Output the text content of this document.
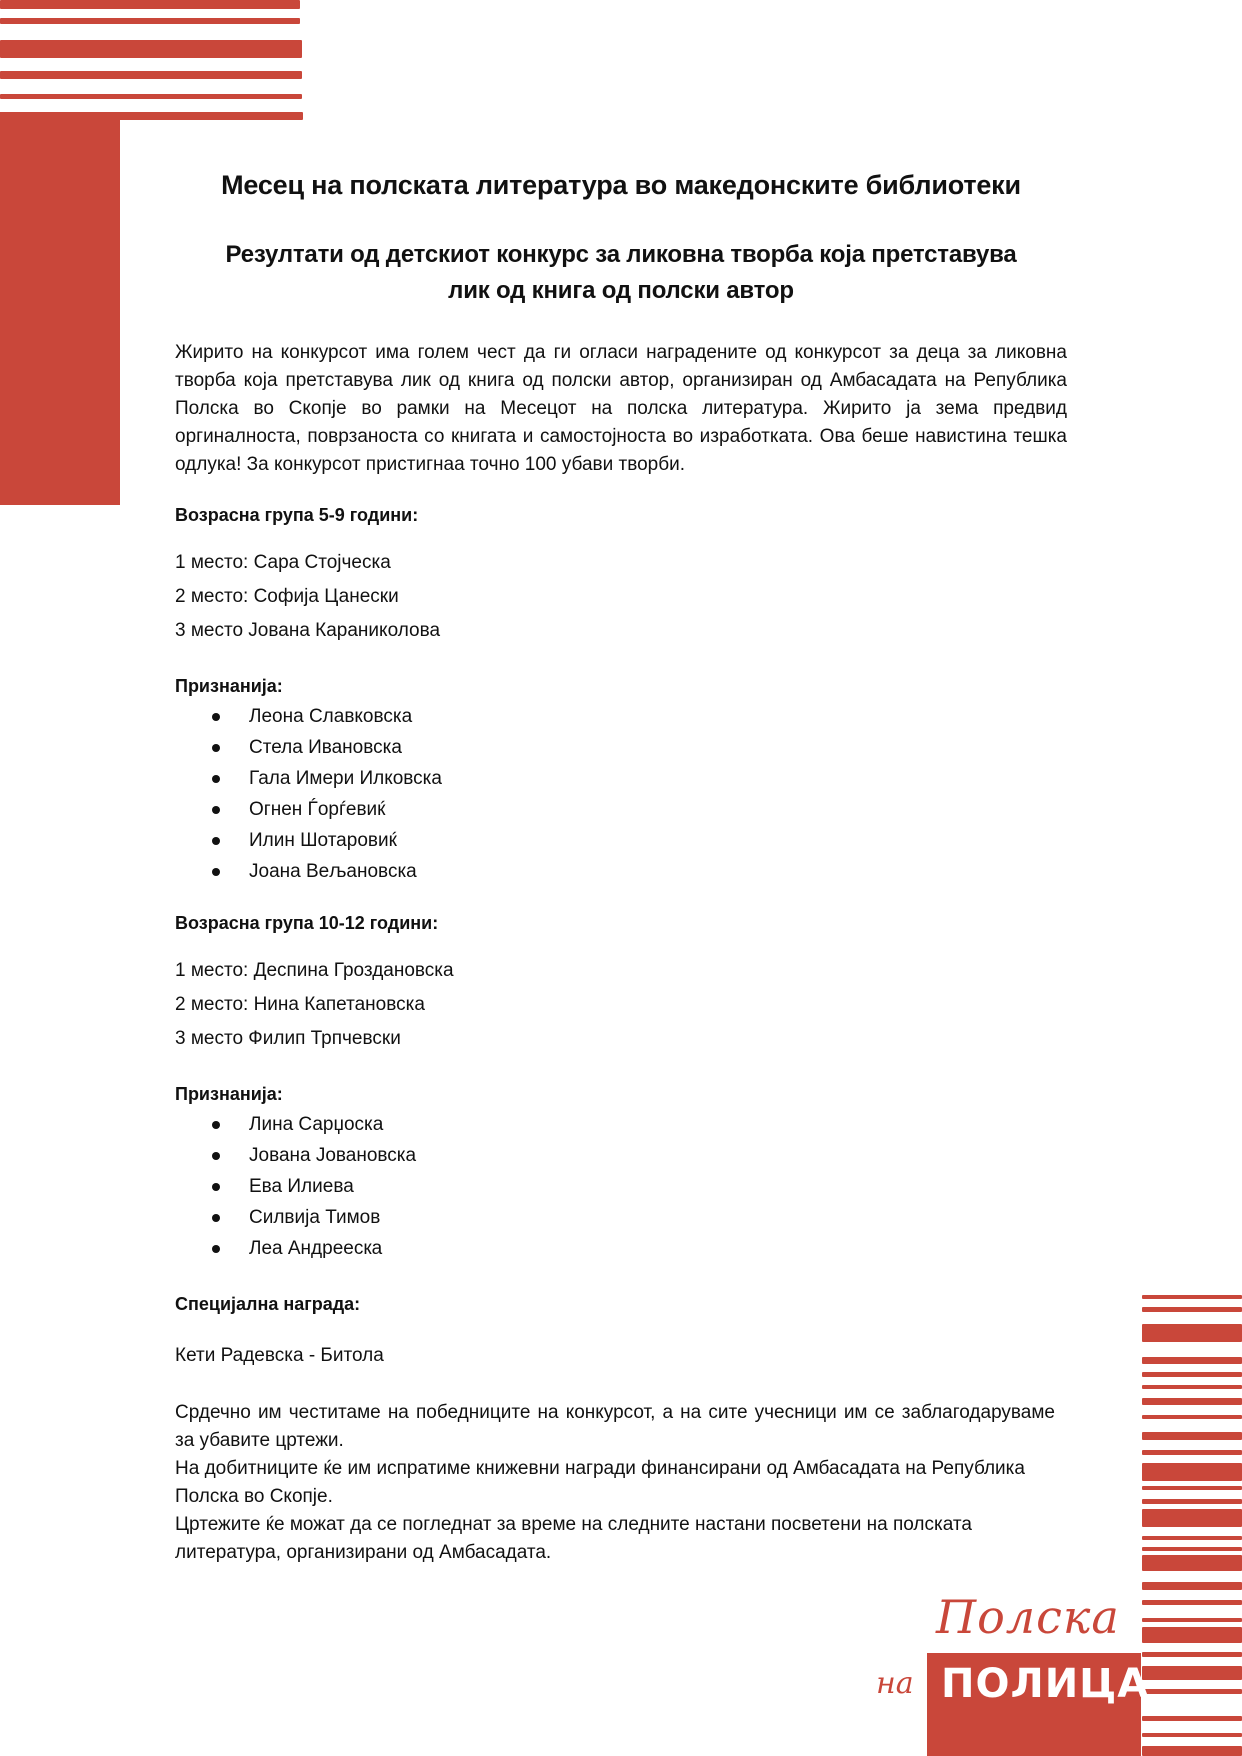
Месец на полската литература во македонските библиотеки
Резултати од детскиот конкурс за ликовна творба која претставува
лик од книга од полски автор

Жирито на конкурсот има голем чест да ги огласи наградените од конкурсот за деца за ликовна творба која претставува лик од книга од полски автор, организиран од Амбасадата на Република Полска во Скопје во рамки на Месецот на полска литература. Жирито ја зема предвид оргиналноста, поврзаноста со книгата и самостојноста во изработката. Ова беше навистина тешка одлука! За конкурсот пристигнаа точно 100 убави творби.

Возрасна група 5-9 години:

1 место: Сара Стојческа

2 место: Софија Цанески

3 место Јована Караниколова

Признанија:

Леона Славковска
Стела Ивановска
Гала Имери Илковска
Огнен Ѓорѓевиќ
Илин Шотаровиќ
Јоана Вељановска

Возрасна група 10-12 години:

1 место: Деспина Гроздановска

2 место: Нина Капетановска

3 место Филип Трпчевски

Признанија:

Лина Сарџоска
Јована Јовановска
Ева Илиева
Силвија Тимов
Леа Андреескa

Специјална награда:

Кети Радевска - Битола

Срдечно им честитаме на победниците на конкурсот, а на сите учесници им се заблагодаруваме за убавите цртежи.

На добитниците ќе им испратиме книжевни награди финансирани од Амбасадата на Република Полска во Скопје.

Цртежите ќе можат да се погледнат за време на следните настани посветени на полската литература, организирани од Амбасадата.

Полска
на ПОЛИЦА
